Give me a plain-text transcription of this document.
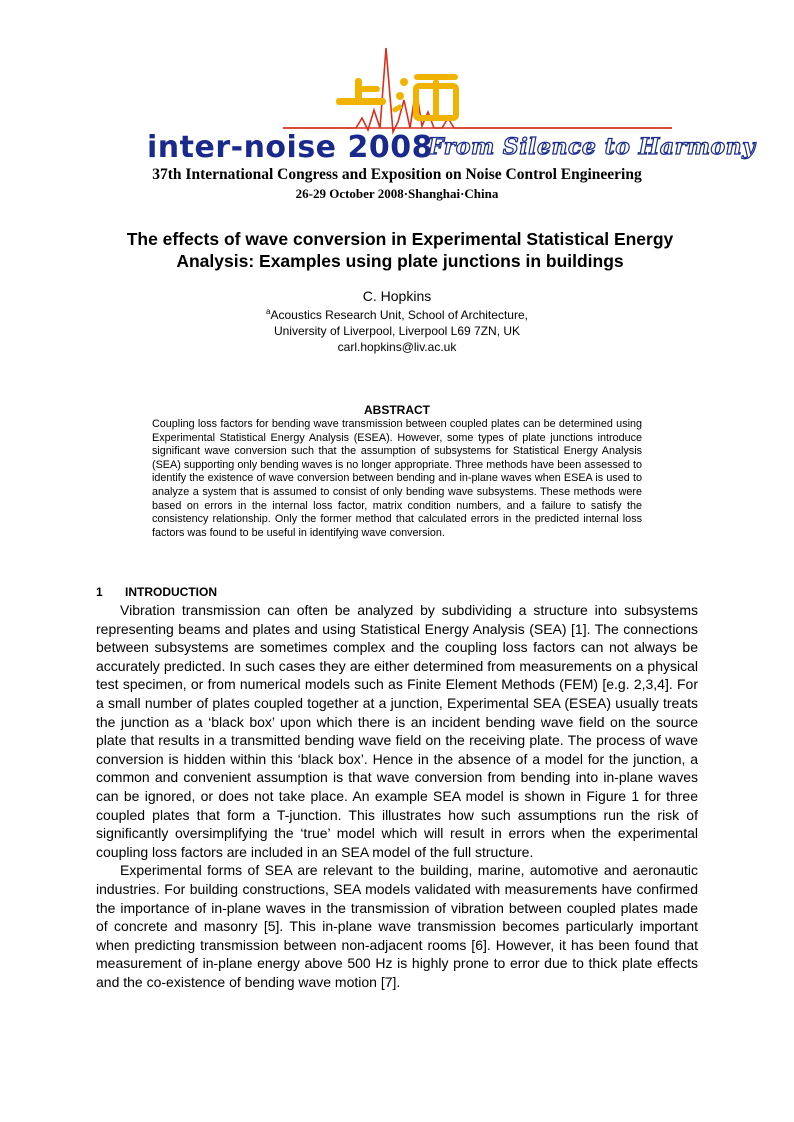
inter-noise 2008
From Silence to Harmony
37th International Congress and Exposition on Noise Control Engineering
26-29 October 2008·Shanghai·China
The effects of wave conversion in Experimental Statistical Energy Analysis: Examples using plate junctions in buildings
C. Hopkins
$^a$Acoustics Research Unit, School of Architecture,
University of Liverpool, Liverpool L69 7ZN, UK
carl.hopkins@liv.ac.uk
ABSTRACT
Coupling loss factors for bending wave transmission between coupled plates can be determined using Experimental Statistical Energy Analysis (ESEA). However, some types of plate junctions introduce significant wave conversion such that the assumption of subsystems for Statistical Energy Analysis (SEA) supporting only bending waves is no longer appropriate. Three methods have been assessed to identify the existence of wave conversion between bending and in-plane waves when ESEA is used to analyze a system that is assumed to consist of only bending wave subsystems. These methods were based on errors in the internal loss factor, matrix condition numbers, and a failure to satisfy the consistency relationship. Only the former method that calculated errors in the predicted internal loss factors was found to be useful in identifying wave conversion.
1 INTRODUCTION

Vibration transmission can often be analyzed by subdividing a structure into subsystems representing beams and plates and using Statistical Energy Analysis (SEA) [1]. The connections between subsystems are sometimes complex and the coupling loss factors can not always be accurately predicted. In such cases they are either determined from measurements on a physical test specimen, or from numerical models such as Finite Element Methods (FEM) [e.g. 2,3,4]. For a small number of plates coupled together at a junction, Experimental SEA (ESEA) usually treats the junction as a ‘black box’ upon which there is an incident bending wave field on the source plate that results in a transmitted bending wave field on the receiving plate. The process of wave conversion is hidden within this ‘black box’. Hence in the absence of a model for the junction, a common and convenient assumption is that wave conversion from bending into in-plane waves can be ignored, or does not take place. An example SEA model is shown in Figure 1 for three coupled plates that form a T-junction. This illustrates how such assumptions run the risk of significantly oversimplifying the ‘true’ model which will result in errors when the experimental coupling loss factors are included in an SEA model of the full structure.

Experimental forms of SEA are relevant to the building, marine, automotive and aeronautic industries. For building constructions, SEA models validated with measurements have confirmed the importance of in-plane waves in the transmission of vibration between coupled plates made of concrete and masonry [5]. This in-plane wave transmission becomes particularly important when predicting transmission between non-adjacent rooms [6]. However, it has been found that measurement of in-plane energy above 500 Hz is highly prone to error due to thick plate effects and the co-existence of bending wave motion [7].
